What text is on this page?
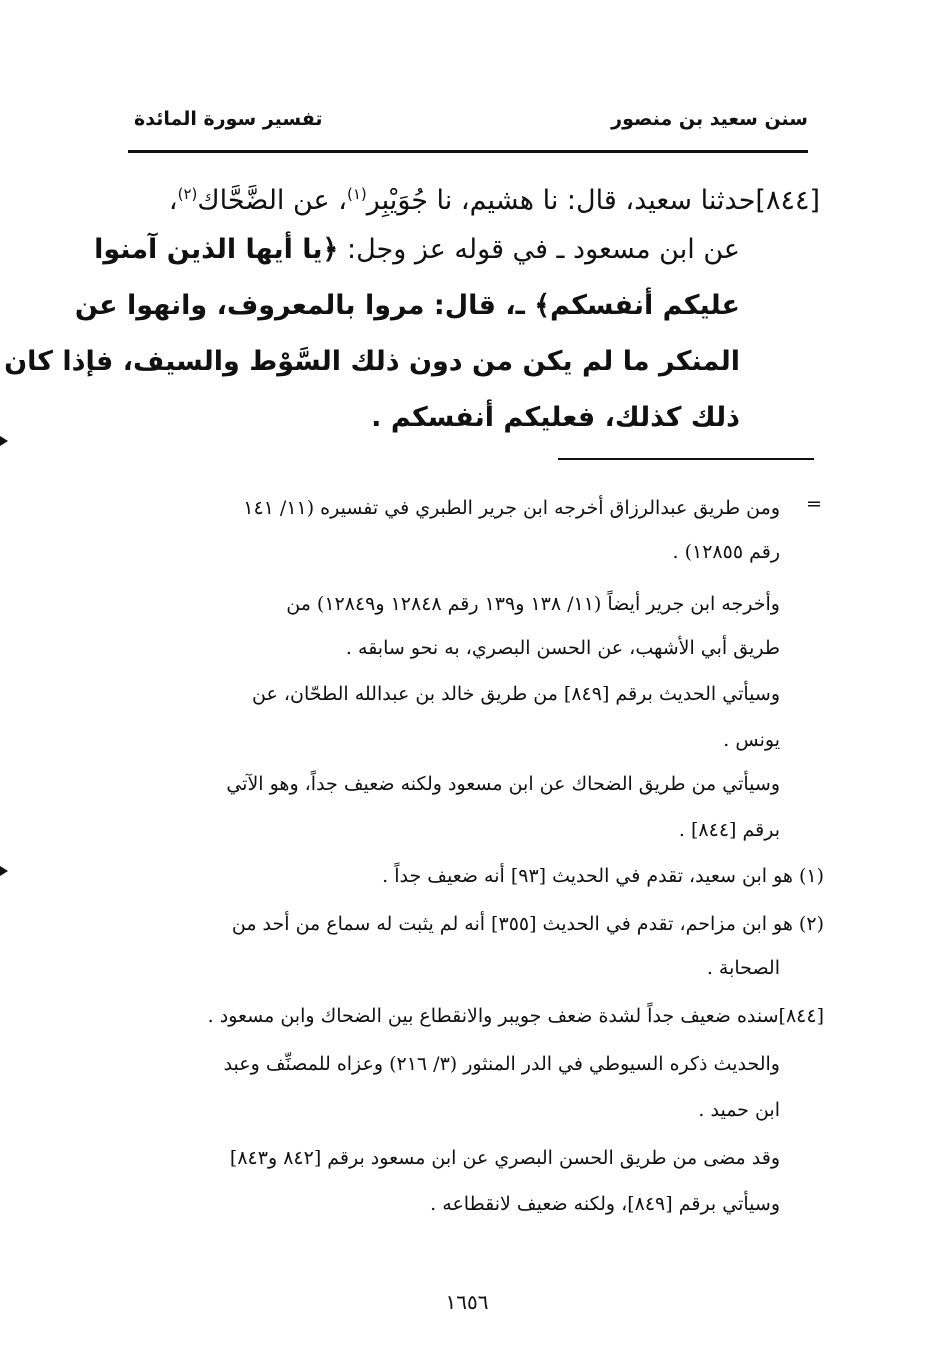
سنن سعيد بن منصور
تفسير سورة المائدة
[٨٤٤]حدثنا سعيد، قال: نا هشيم، نا جُوَيْبِر$^{(١)}$، عن الضَّحَّاك$^{(٢)}$،
عن ابن مسعود ـ في قوله عز وجل: ﴿يا أيها الذين آمنوا
عليكم أنفسكم﴾ ـ، قال: مروا بالمعروف، وانهوا عن
المنكر ما لم يكن من دون ذلك السَّوْط والسيف، فإذا كان
ذلك كذلك، فعليكم أنفسكم .
=
ومن طريق عبدالرزاق أخرجه ابن جرير الطبري في تفسيره (١١/ ١٤١
رقم ١٢٨٥٥) .
وأخرجه ابن جرير أيضاً (١١/ ١٣٨ و١٣٩ رقم ١٢٨٤٨ و١٢٨٤٩) من
طريق أبي الأشهب، عن الحسن البصري، به نحو سابقه .
وسيأتي الحديث برقم [٨٤٩] من طريق خالد بن عبدالله الطحّان، عن
يونس .
وسيأتي من طريق الضحاك عن ابن مسعود ولكنه ضعيف جداً، وهو الآتي
برقم [٨٤٤] .
(١) هو ابن سعيد، تقدم في الحديث [٩٣] أنه ضعيف جداً .
(٢) هو ابن مزاحم، تقدم في الحديث [٣٥٥] أنه لم يثبت له سماع من أحد من
الصحابة .
[٨٤٤]سنده ضعيف جداً لشدة ضعف جويبر والانقطاع بين الضحاك وابن مسعود .
والحديث ذكره السيوطي في الدر المنثور (٣/ ٢١٦) وعزاه للمصنِّف وعبد
ابن حميد .
وقد مضى من طريق الحسن البصري عن ابن مسعود برقم [٨٤٢ و٨٤٣]
وسيأتي برقم [٨٤٩]، ولكنه ضعيف لانقطاعه .
١٦٥٦
